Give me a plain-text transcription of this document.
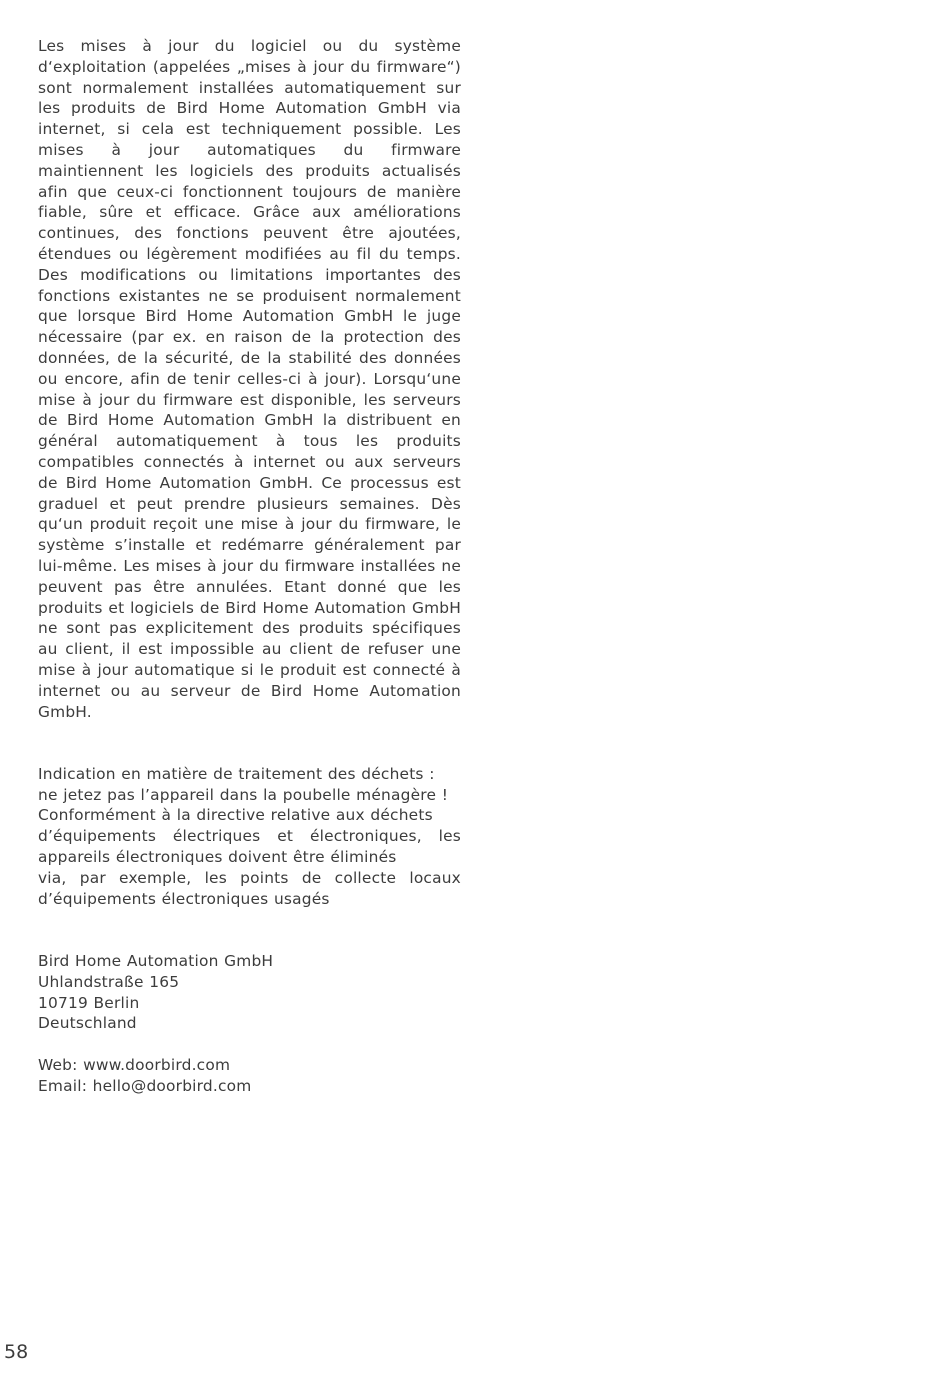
Les mises à jour du logiciel ou du système d‘exploitation (appelées „mises à jour du firmware“) sont normalement installées automatiquement sur les produits de Bird Home Automation GmbH via internet, si cela est techniquement possible. Les mises à jour automatiques du firmware maintiennent les logiciels des produits actualisés afin que ceux-ci fonctionnent toujours de manière fiable, sûre et efficace. Grâce aux améliorations continues, des fonctions peuvent être ajoutées, étendues ou légèrement modifiées au fil du temps. Des modifications ou limitations importantes des fonctions existantes ne se produisent normalement que lorsque Bird Home Automation GmbH le juge nécessaire (par ex. en raison de la protection des données, de la sécurité, de la stabilité des données ou encore, afin de tenir celles-ci à jour). Lorsqu‘une mise à jour du firmware est disponible, les serveurs de Bird Home Automation GmbH la distribuent en général automatiquement à tous les produits compatibles connectés à internet ou aux serveurs de Bird Home Automation GmbH. Ce processus est graduel et peut prendre plusieurs semaines. Dès qu‘un produit reçoit une mise à jour du firmware, le système s’installe et redémarre généralement par lui-même. Les mises à jour du firmware installées ne peuvent pas être annulées. Etant donné que les produits et logiciels de Bird Home Automation GmbH ne sont pas explicitement des produits spécifiques au client, il est impossible au client de refuser une mise à jour automatique si le produit est connecté à internet ou au serveur de Bird Home Automation GmbH.

Indication en matière de traitement des déchets :
ne jetez pas l’appareil dans la poubelle ménagère !
Conformément à la directive relative aux déchets
d’équipements électriques et électroniques, les
appareils électroniques doivent être éliminés
via, par exemple, les points de collecte locaux
d’équipements électroniques usagés
Bird Home Automation GmbH
Uhlandstraße 165
10719 Berlin
Deutschland
Web: www.doorbird.com
Email: hello@doorbird.com
58
